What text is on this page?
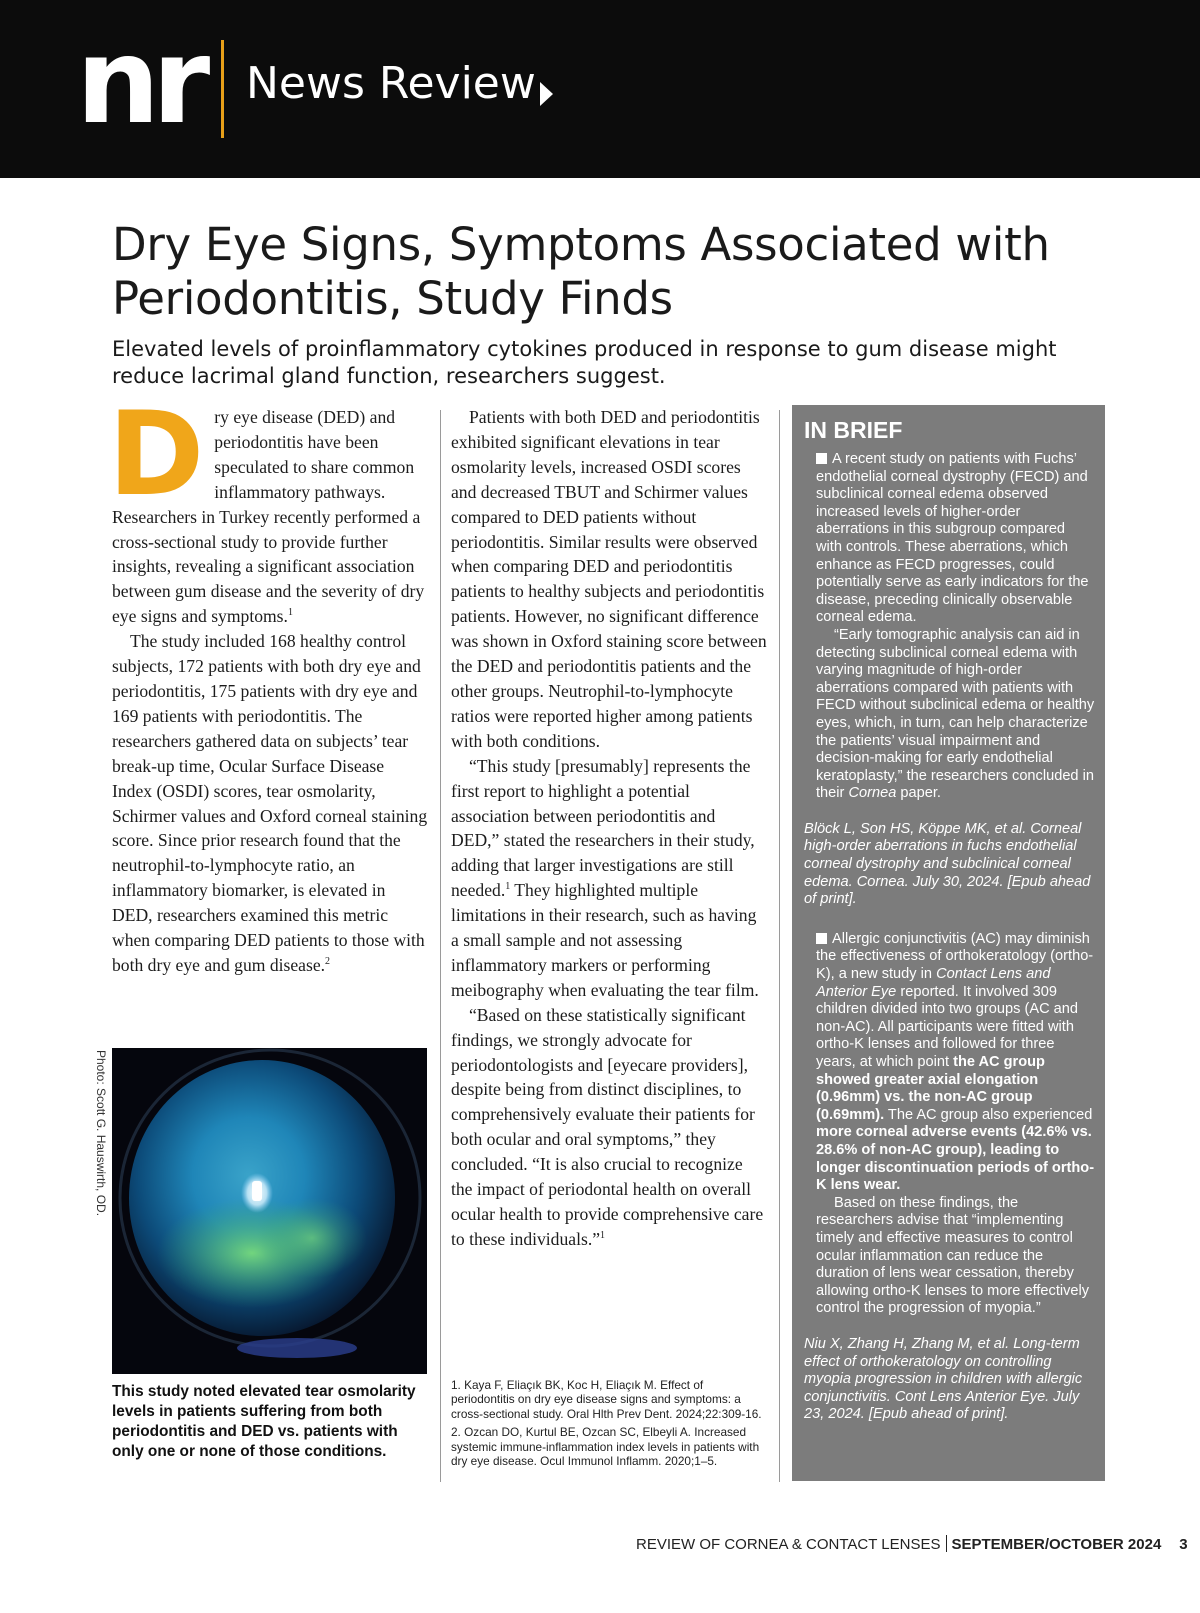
nr News Review
Dry Eye Signs, Symptoms Associated with Periodontitis, Study Finds

Elevated levels of proinflammatory cytokines produced in response to gum disease might reduce lacrimal gland function, researchers suggest.

Dry eye disease (DED) and periodontitis have been speculated to share common inflammatory pathways. Researchers in Turkey recently performed a cross-sectional study to provide further insights, revealing a significant association between gum disease and the severity of dry eye signs and symptoms.$^1$

The study included 168 healthy control subjects, 172 patients with both dry eye and periodontitis, 175 patients with dry eye and 169 patients with periodontitis. The researchers gathered data on subjects’ tear break-up time, Ocular Surface Disease Index (OSDI) scores, tear osmolarity, Schirmer values and Oxford corneal staining score. Since prior research found that the neutrophil-to-lymphocyte ratio, an inflammatory biomarker, is elevated in DED, researchers examined this metric when comparing DED patients to those with both dry eye and gum disease.$^2$

Photo: Scott G. Hauswirth, OD.

This study noted elevated tear osmolarity levels in patients suffering from both periodontitis and DED vs. patients with only one or none of those conditions.

Patients with both DED and periodontitis exhibited significant elevations in tear osmolarity levels, increased OSDI scores and decreased TBUT and Schirmer values compared to DED patients without periodontitis. Similar results were observed when comparing DED and periodontitis patients to healthy subjects and periodontitis patients. However, no significant difference was shown in Oxford staining score between the DED and periodontitis patients and the other groups. Neutrophil-to-lymphocyte ratios were reported higher among patients with both conditions.

“This study [presumably] represents the first report to highlight a potential association between periodontitis and DED,” stated the researchers in their study, adding that larger investigations are still needed.$^1$ They highlighted multiple limitations in their research, such as having a small sample and not assessing inflammatory markers or performing meibography when evaluating the tear film.

“Based on these statistically significant findings, we strongly advocate for periodontologists and [eyecare providers], despite being from distinct disciplines, to comprehensively evaluate their patients for both ocular and oral symptoms,” they concluded. “It is also crucial to recognize the impact of periodontal health on overall ocular health to provide comprehensive care to these individuals.”$^1$

1. Kaya F, Eliaçık BK, Koc H, Eliaçık M. Effect of periodontitis on dry eye disease signs and symptoms: a cross-sectional study. Oral Hlth Prev Dent. 2024;22:309-16.

2. Ozcan DO, Kurtul BE, Ozcan SC, Elbeyli A. Increased systemic immune-inflammation index levels in patients with dry eye disease. Ocul Immunol Inflamm. 2020;1–5.

IN BRIEF

A recent study on patients with Fuchs’ endothelial corneal dystrophy (FECD) and subclinical corneal edema observed increased levels of higher-order aberrations in this subgroup compared with controls. These aberrations, which enhance as FECD progresses, could potentially serve as early indicators for the disease, preceding clinically observable corneal edema.

“Early tomographic analysis can aid in detecting subclinical corneal edema with varying magnitude of high-order aberrations compared with patients with FECD without subclinical edema or healthy eyes, which, in turn, can help characterize the patients’ visual impairment and decision-making for early endothelial keratoplasty,” the researchers concluded in their Cornea paper.

Blöck L, Son HS, Köppe MK, et al. Corneal high-order aberrations in fuchs endothelial corneal dystrophy and subclinical corneal edema. Cornea. July 30, 2024. [Epub ahead of print].

Allergic conjunctivitis (AC) may diminish the effectiveness of orthokeratology (ortho-K), a new study in Contact Lens and Anterior Eye reported. It involved 309 children divided into two groups (AC and non-AC). All participants were fitted with ortho-K lenses and followed for three years, at which point the AC group showed greater axial elongation (0.96mm) vs. the non-AC group (0.69mm). The AC group also experienced more corneal adverse events (42.6% vs. 28.6% of non-AC group), leading to longer discontinuation periods of ortho-K lens wear.

Based on these findings, the researchers advise that “implementing timely and effective measures to control ocular inflammation can reduce the duration of lens wear cessation, thereby allowing ortho-K lenses to more effectively control the progression of myopia.”

Niu X, Zhang H, Zhang M, et al. Long-term effect of orthokeratology on controlling myopia progression in children with allergic conjunctivitis. Cont Lens Anterior Eye. July 23, 2024. [Epub ahead of print].

REVIEW OF CORNEA & CONTACT LENSES SEPTEMBER/OCTOBER 2024 3
